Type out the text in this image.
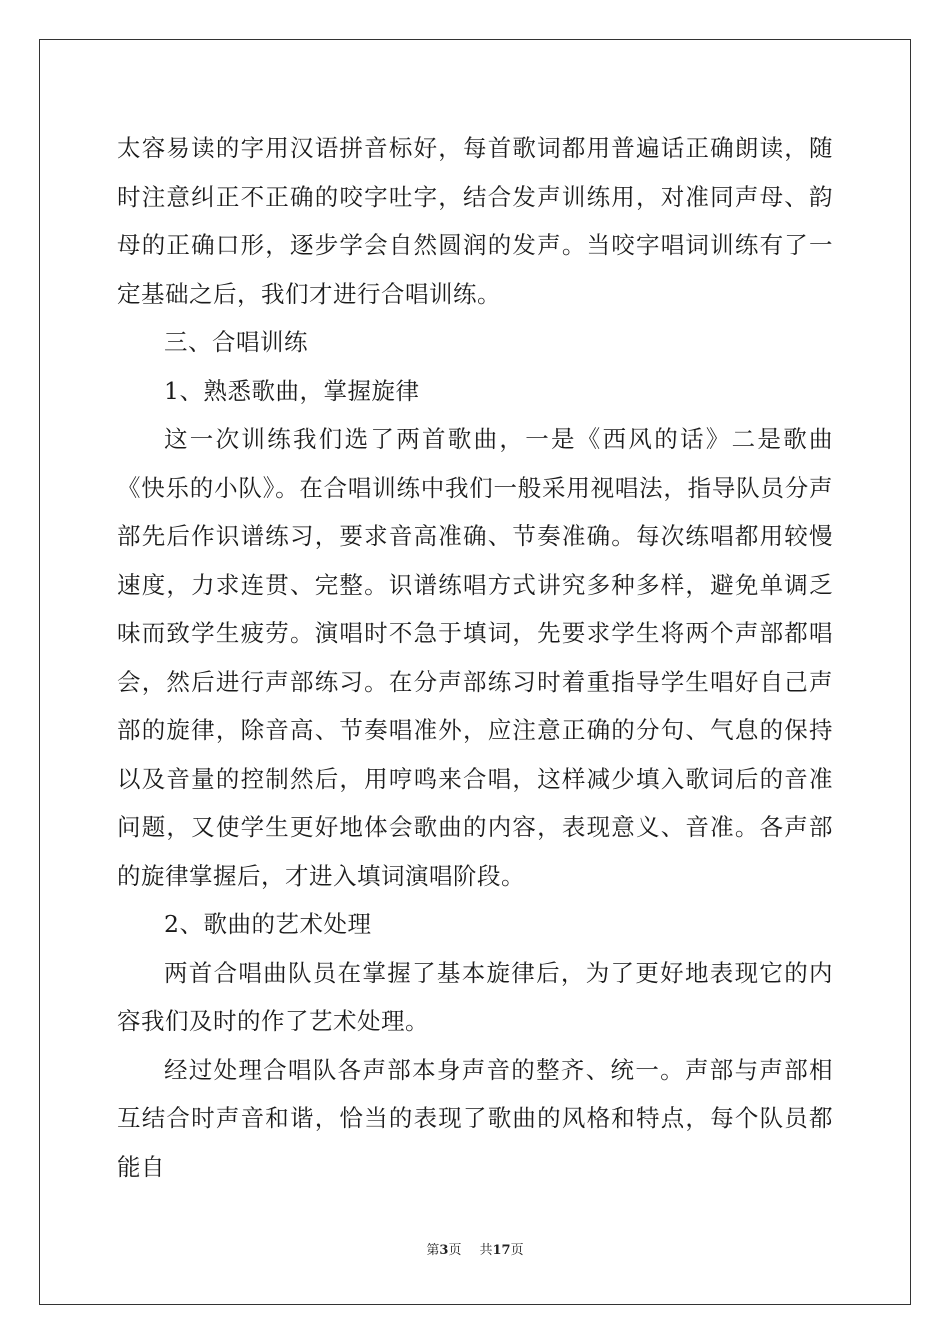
太容易读的字用汉语拼音标好，每首歌词都用普遍话正确朗读，随时注意纠正不正确的咬字吐字，结合发声训练用，对准同声母、韵母的正确口形，逐步学会自然圆润的发声。当咬字唱词训练有了一定基础之后，我们才进行合唱训练。

三、合唱训练

1、熟悉歌曲，掌握旋律

这一次训练我们选了两首歌曲，一是《西风的话》二是歌曲《快乐的小队》。在合唱训练中我们一般采用视唱法，指导队员分声部先后作识谱练习，要求音高准确、节奏准确。每次练唱都用较慢速度，力求连贯、完整。识谱练唱方式讲究多种多样，避免单调乏味而致学生疲劳。演唱时不急于填词，先要求学生将两个声部都唱会，然后进行声部练习。在分声部练习时着重指导学生唱好自己声部的旋律，除音高、节奏唱准外，应注意正确的分句、气息的保持以及音量的控制然后，用哼鸣来合唱，这样减少填入歌词后的音准问题，又使学生更好地体会歌曲的内容，表现意义、音准。各声部的旋律掌握后，才进入填词演唱阶段。

2、歌曲的艺术处理

两首合唱曲队员在掌握了基本旋律后，为了更好地表现它的内容我们及时的作了艺术处理。

经过处理合唱队各声部本身声音的整齐、统一。声部与声部相互结合时声音和谐，恰当的表现了歌曲的风格和特点，每个队员都能自

第3页 共17页
